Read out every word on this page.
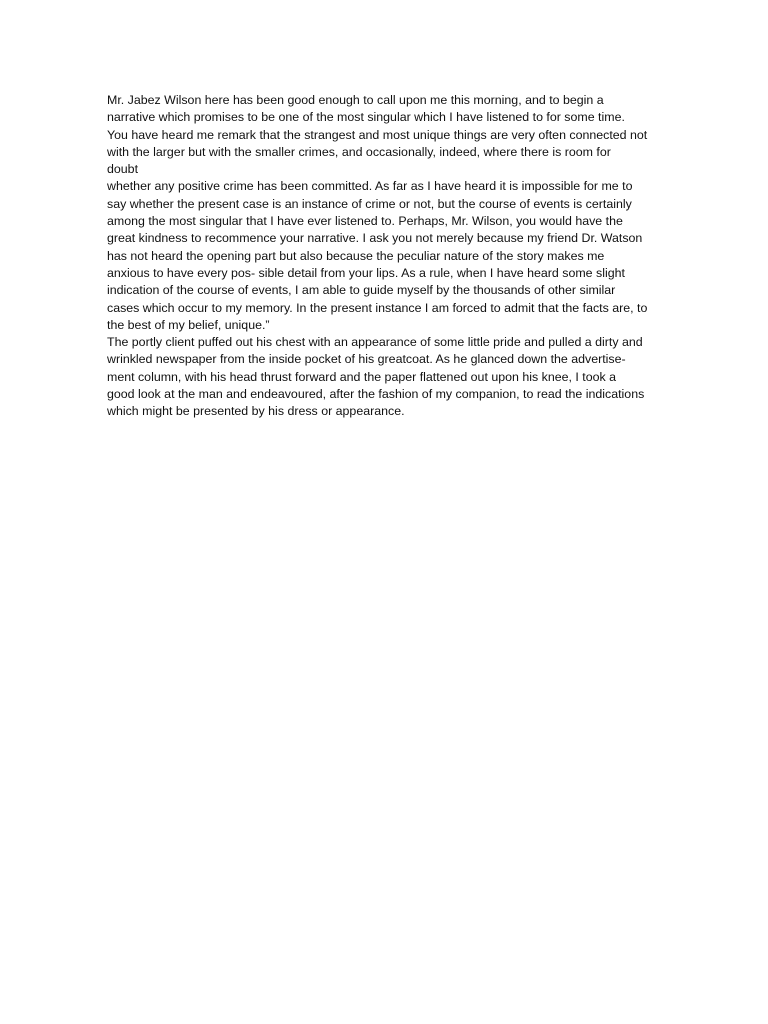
Mr. Jabez Wilson here has been good enough to call upon me this morning, and to begin a
narrative which promises to be one of the most singular which I have listened to for some time.
You have heard me remark that the strangest and most unique things are very often connected not
with the larger but with the smaller crimes, and occasionally, indeed, where there is room for
doubt
whether any positive crime has been committed. As far as I have heard it is impossible for me to
say whether the present case is an instance of crime or not, but the course of events is certainly
among the most singular that I have ever listened to. Perhaps, Mr. Wilson, you would have the
great kindness to recommence your narrative. I ask you not merely because my friend Dr. Watson
has not heard the opening part but also because the peculiar nature of the story makes me
anxious to have every pos- sible detail from your lips. As a rule, when I have heard some slight
indication of the course of events, I am able to guide myself by the thousands of other similar
cases which occur to my memory. In the present instance I am forced to admit that the facts are, to
the best of my belief, unique.”
The portly client puffed out his chest with an appearance of some little pride and pulled a dirty and
wrinkled newspaper from the inside pocket of his greatcoat. As he glanced down the advertise-
ment column, with his head thrust forward and the paper flattened out upon his knee, I took a
good look at the man and endeavoured, after the fashion of my companion, to read the indications
which might be presented by his dress or appearance.
